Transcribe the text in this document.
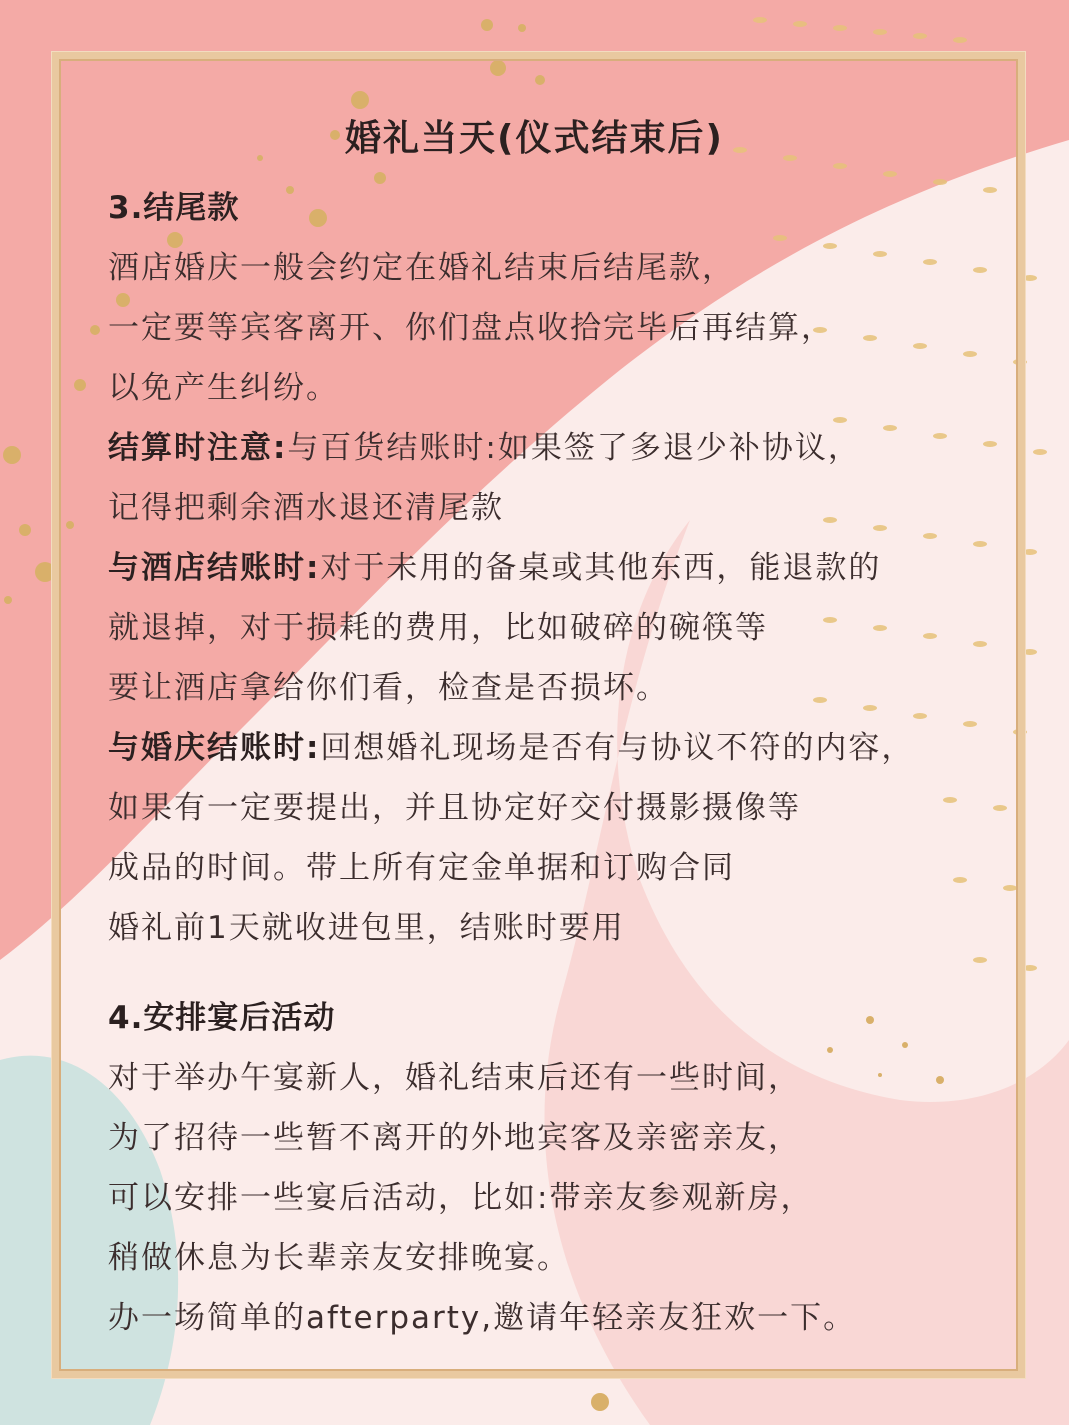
婚礼当天(仪式结束后)
3.结尾款
酒店婚庆一般会约定在婚礼结束后结尾款，
一定要等宾客离开、你们盘点收拾完毕后再结算，
以免产生纠纷。
结算时注意:与百货结账时:如果签了多退少补协议，
记得把剩余酒水退还清尾款
与酒店结账时:对于未用的备桌或其他东西，能退款的
就退掉，对于损耗的费用，比如破碎的碗筷等
要让酒店拿给你们看，检查是否损坏。
与婚庆结账时:回想婚礼现场是否有与协议不符的内容，
如果有一定要提出，并且协定好交付摄影摄像等
成品的时间。带上所有定金单据和订购合同
婚礼前1天就收进包里，结账时要用
4.安排宴后活动
对于举办午宴新人，婚礼结束后还有一些时间，
为了招待一些暂不离开的外地宾客及亲密亲友，
可以安排一些宴后活动，比如:带亲友参观新房，
稍做休息为长辈亲友安排晚宴。
办一场简单的afterparty,邀请年轻亲友狂欢一下。
